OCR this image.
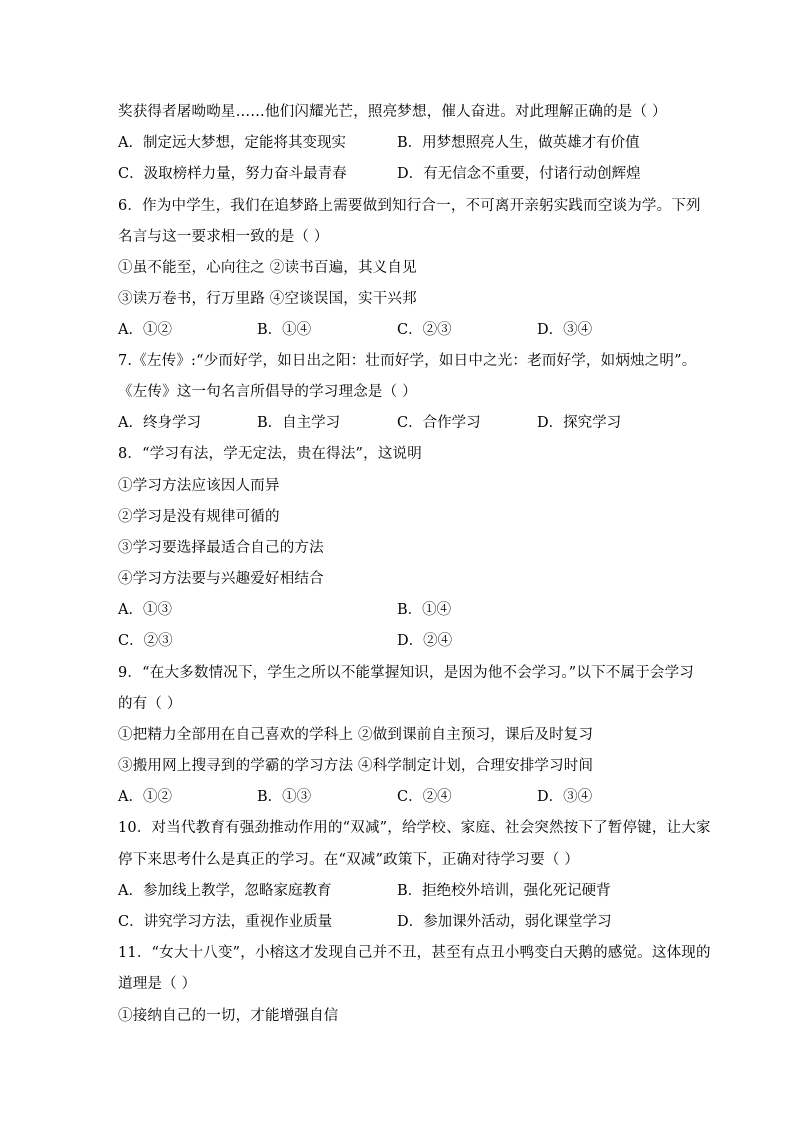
奖获得者屠呦呦星……他们闪耀光芒，照亮梦想，催人奋进。对此理解正确的是（ ）
A．制定远大梦想，定能将其变现实	B．用梦想照亮人生，做英雄才有价值
C．汲取榜样力量，努力奋斗最青春	D．有无信念不重要，付诸行动创辉煌
6．作为中学生，我们在追梦路上需要做到知行合一，不可离开亲躬实践而空谈为学。下列
名言与这一要求相一致的是（ ）
①虽不能至，心向往之 ②读书百遍，其义自见
③读万卷书，行万里路 ④空谈误国，实干兴邦
A．①②	B．①④	C．②③	D．③④
7.《左传》:“少而好学，如日出之阳：壮而好学，如日中之光：老而好学，如炳烛之明”。
《左传》这一句名言所倡导的学习理念是（ ）
A．终身学习	B．自主学习	C．合作学习	D．探究学习
8．“学习有法，学无定法，贵在得法”，这说明
①学习方法应该因人而异
②学习是没有规律可循的
③学习要选择最适合自己的方法
④学习方法要与兴趣爱好相结合
A．①③	B．①④
C．②③	D．②④
9．“在大多数情况下，学生之所以不能掌握知识，是因为他不会学习。”以下不属于会学习
的有（ ）
①把精力全部用在自己喜欢的学科上 ②做到课前自主预习，课后及时复习
③搬用网上搜寻到的学霸的学习方法 ④科学制定计划，合理安排学习时间
A．①②	B．①③	C．②④	D．③④
10．对当代教育有强劲推动作用的“双减”，给学校、家庭、社会突然按下了暂停键，让大家
停下来思考什么是真正的学习。在“双减”政策下，正确对待学习要（ ）
A．参加线上教学，忽略家庭教育	B．拒绝校外培训，强化死记硬背
C．讲究学习方法，重视作业质量	D．参加课外活动，弱化课堂学习
11．“女大十八变”，小榕这才发现自己并不丑，甚至有点丑小鸭变白天鹅的感觉。这体现的
道理是（ ）
①接纳自己的一切，才能增强自信
